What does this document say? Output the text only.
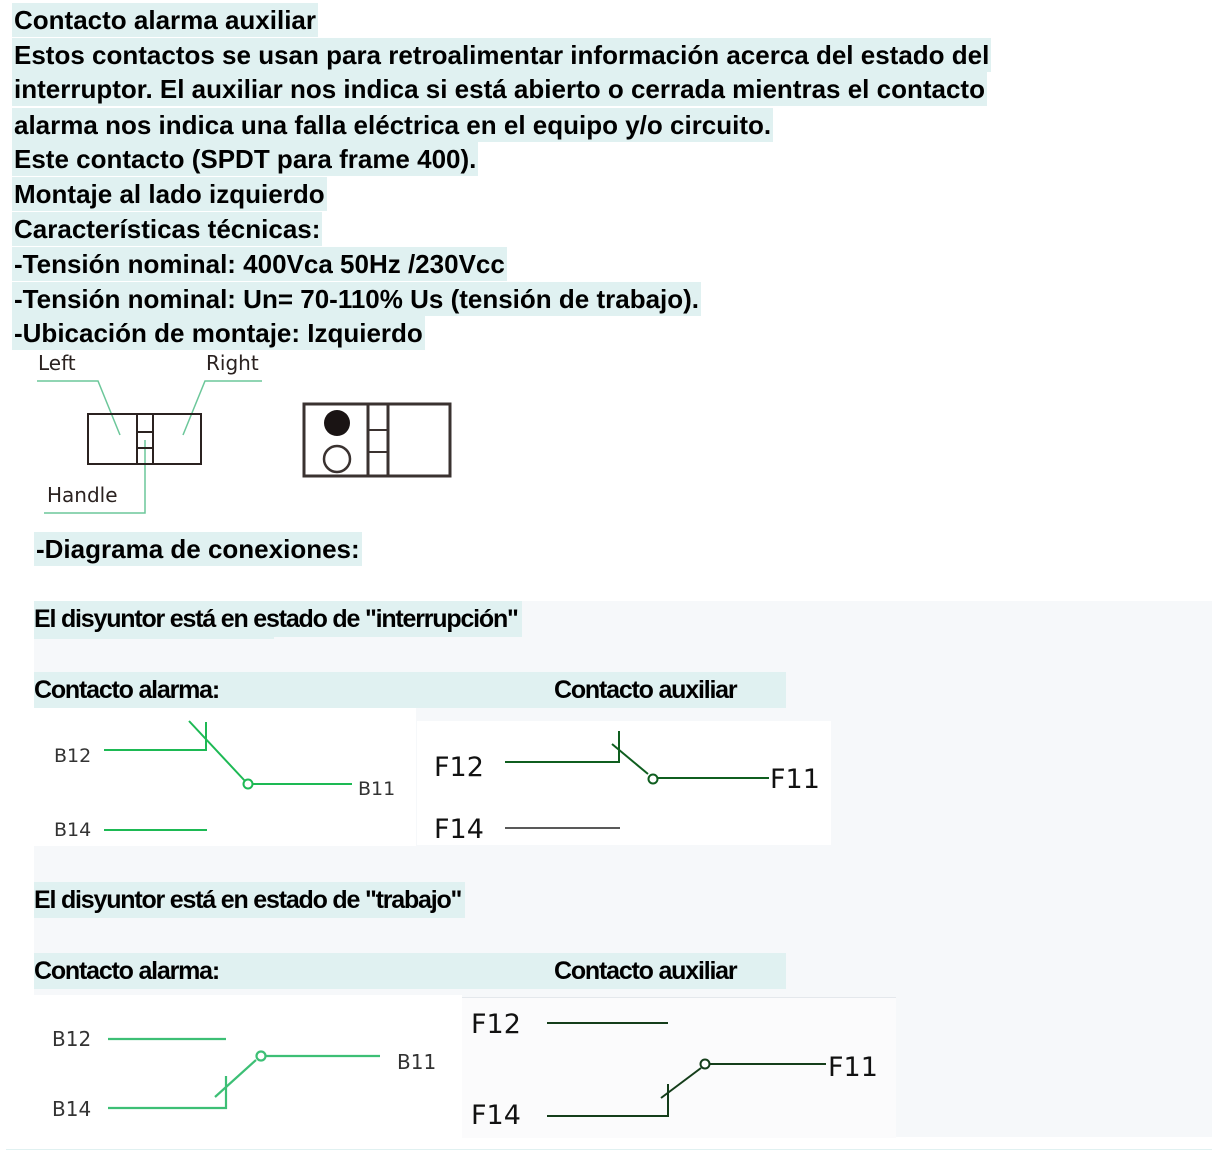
Contacto alarma auxiliar
Estos contactos se usan para retroalimentar información acerca del estado del
interruptor. El auxiliar nos indica si está abierto o cerrada mientras el contacto
alarma nos indica una falla eléctrica en el equipo y/o circuito.
Este contacto (SPDT para frame 400).
Montaje al lado izquierdo
Características técnicas:
-Tensión nominal: 400Vca 50Hz /230Vcc
-Tensión nominal: Un= 70-110% Us (tensión de trabajo).
-Ubicación de montaje: Izquierdo
Left	Right
Handle
-Diagrama de conexiones:
El disyuntor está en estado de "interrupción"
Contacto alarma:	Contacto auxiliar
B12
B11
B14
F12	F11
F14
El disyuntor está en estado de "trabajo"
Contacto alarma:	Contacto auxiliar
B12
B11
B14
F12
F11
F14
